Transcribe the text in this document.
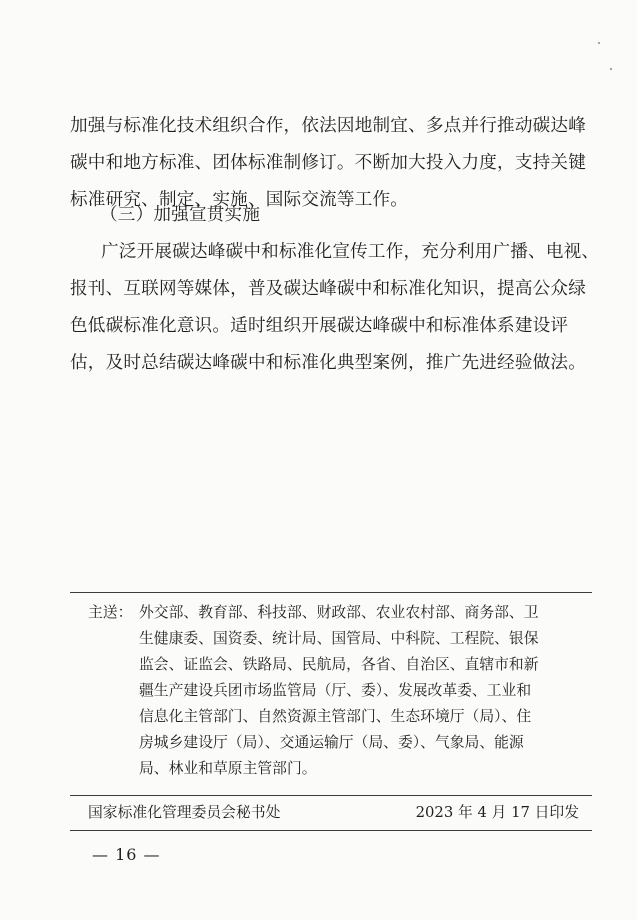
加强与标准化技术组织合作，依法因地制宜、多点并行推动碳达峰
碳中和地方标准、团体标准制修订。不断加大投入力度，支持关键
标准研究、制定、实施、国际交流等工作。
（三）加强宣贯实施
广泛开展碳达峰碳中和标准化宣传工作，充分利用广播、电视、
报刊、互联网等媒体，普及碳达峰碳中和标准化知识，提高公众绿
色低碳标准化意识。适时组织开展碳达峰碳中和标准体系建设评
估，及时总结碳达峰碳中和标准化典型案例，推广先进经验做法。
主送： 外交部、教育部、科技部、财政部、农业农村部、商务部、卫
生健康委、国资委、统计局、国管局、中科院、工程院、银保
监会、证监会、铁路局、民航局，各省、自治区、直辖市和新
疆生产建设兵团市场监管局（厅、委）、发展改革委、工业和
信息化主管部门、自然资源主管部门、生态环境厅（局）、住
房城乡建设厅（局）、交通运输厅（局、委）、气象局、能源
局、林业和草原主管部门。
国家标准化管理委员会秘书处	2023 年 4 月 17 日印发
— 16 —
